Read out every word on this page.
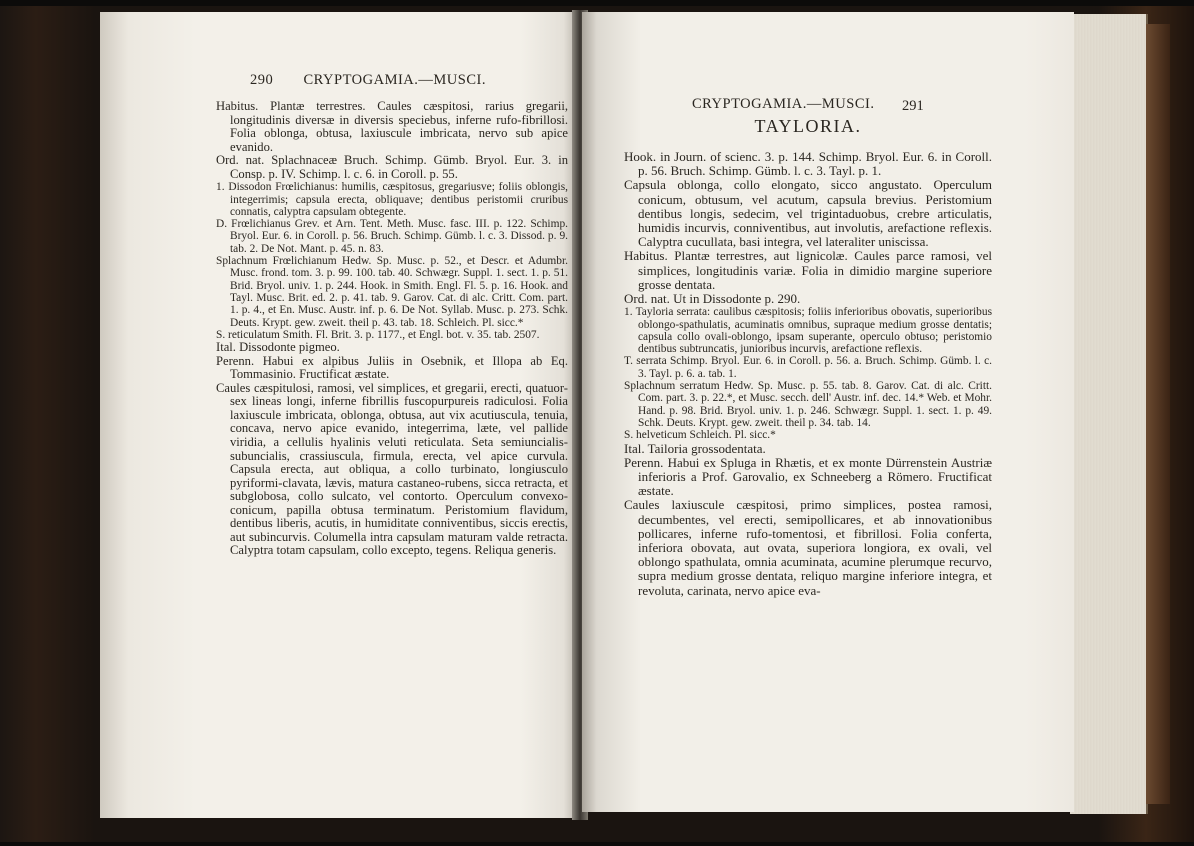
290 CRYPTOGAMIA.—MUSCI.

Habitus. Plantæ terrestres. Caules cæspitosi, rarius gregarii, longitudinis diversæ in diversis speciebus, inferne rufo-fibrillosi. Folia oblonga, obtusa, laxiuscule imbricata, nervo sub apice evanido.

Ord. nat. Splachnaceæ Bruch. Schimp. Gümb. Bryol. Eur. 3. in Consp. p. IV. Schimp. l. c. 6. in Coroll. p. 55.

1. Dissodon Frœlichianus: humilis, cæspitosus, gregariusve; foliis oblongis, integerrimis; capsula erecta, obliquave; dentibus peristomii cruribus connatis, calyptra capsulam obtegente.

D. Frœlichianus Grev. et Arn. Tent. Meth. Musc. fasc. III. p. 122. Schimp. Bryol. Eur. 6. in Coroll. p. 56. Bruch. Schimp. Gümb. l. c. 3. Dissod. p. 9. tab. 2. De Not. Mant. p. 45. n. 83.

Splachnum Frœlichianum Hedw. Sp. Musc. p. 52., et Descr. et Adumbr. Musc. frond. tom. 3. p. 99. 100. tab. 40. Schwægr. Suppl. 1. sect. 1. p. 51. Brid. Bryol. univ. 1. p. 244. Hook. in Smith. Engl. Fl. 5. p. 16. Hook. and Tayl. Musc. Brit. ed. 2. p. 41. tab. 9. Garov. Cat. di alc. Critt. Com. part. 1. p. 4., et En. Musc. Austr. inf. p. 6. De Not. Syllab. Musc. p. 273. Schk. Deuts. Krypt. gew. zweit. theil p. 43. tab. 18. Schleich. Pl. sicc.*

S. reticulatum Smith. Fl. Brit. 3. p. 1177., et Engl. bot. v. 35. tab. 2507.

Ital. Dissodonte pigmeo.

Perenn. Habui ex alpibus Juliis in Osebnik, et Illopa ab Eq. Tommasinio. Fructificat æstate.

Caules cæspitulosi, ramosi, vel simplices, et gregarii, erecti, quatuor-sex lineas longi, inferne fibrillis fuscopurpureis radiculosi. Folia laxiuscule imbricata, oblonga, obtusa, aut vix acutiuscula, tenuia, concava, nervo apice evanido, integerrima, læte, vel pallide viridia, a cellulis hyalinis veluti reticulata. Seta semiuncialis-subuncialis, crassiuscula, firmula, erecta, vel apice curvula. Capsula erecta, aut obliqua, a collo turbinato, longiusculo pyriformi-clavata, lævis, matura castaneo-rubens, sicca retracta, et subglobosa, collo sulcato, vel contorto. Operculum convexo-conicum, papilla obtusa terminatum. Peristomium flavidum, dentibus liberis, acutis, in humiditate conniventibus, siccis erectis, aut subincurvis. Columella intra capsulam maturam valde retracta. Calyptra totam capsulam, collo excepto, tegens. Reliqua generis.

CRYPTOGAMIA.—MUSCI. 291
TAYLORIA.

Hook. in Journ. of scienc. 3. p. 144. Schimp. Bryol. Eur. 6. in Coroll. p. 56. Bruch. Schimp. Gümb. l. c. 3. Tayl. p. 1.

Capsula oblonga, collo elongato, sicco angustato. Operculum conicum, obtusum, vel acutum, capsula brevius. Peristomium dentibus longis, sedecim, vel trigintaduobus, crebre articulatis, humidis incurvis, conniventibus, aut involutis, arefactione reflexis. Calyptra cucullata, basi integra, vel lateraliter uniscissa.

Habitus. Plantæ terrestres, aut lignicolæ. Caules parce ramosi, vel simplices, longitudinis variæ. Folia in dimidio margine superiore grosse dentata.

Ord. nat. Ut in Dissodonte p. 290.

1. Tayloria serrata: caulibus cæspitosis; foliis inferioribus obovatis, superioribus oblongo-spathulatis, acuminatis omnibus, supraque medium grosse dentatis; capsula collo ovali-oblongo, ipsam superante, operculo obtuso; peristomio dentibus subtruncatis, junioribus incurvis, arefactione reflexis.

T. serrata Schimp. Bryol. Eur. 6. in Coroll. p. 56. a. Bruch. Schimp. Gümb. l. c. 3. Tayl. p. 6. a. tab. 1.

Splachnum serratum Hedw. Sp. Musc. p. 55. tab. 8. Garov. Cat. di alc. Critt. Com. part. 3. p. 22.*, et Musc. secch. dell' Austr. inf. dec. 14.* Web. et Mohr. Hand. p. 98. Brid. Bryol. univ. 1. p. 246. Schwægr. Suppl. 1. sect. 1. p. 49. Schk. Deuts. Krypt. gew. zweit. theil p. 34. tab. 14.

S. helveticum Schleich. Pl. sicc.*

Ital. Tailoria grossodentata.

Perenn. Habui ex Spluga in Rhætis, et ex monte Dürrenstein Austriæ inferioris a Prof. Garovalio, ex Schneeberg a Römero. Fructificat æstate.

Caules laxiuscule cæspitosi, primo simplices, postea ramosi, decumbentes, vel erecti, semipollicares, et ab innovationibus pollicares, inferne rufo-tomentosi, et fibrillosi. Folia conferta, inferiora obovata, aut ovata, superiora longiora, ex ovali, vel oblongo spathulata, omnia acuminata, acumine plerumque recurvo, supra medium grosse dentata, reliquo margine inferiore integra, et revoluta, carinata, nervo apice eva-
